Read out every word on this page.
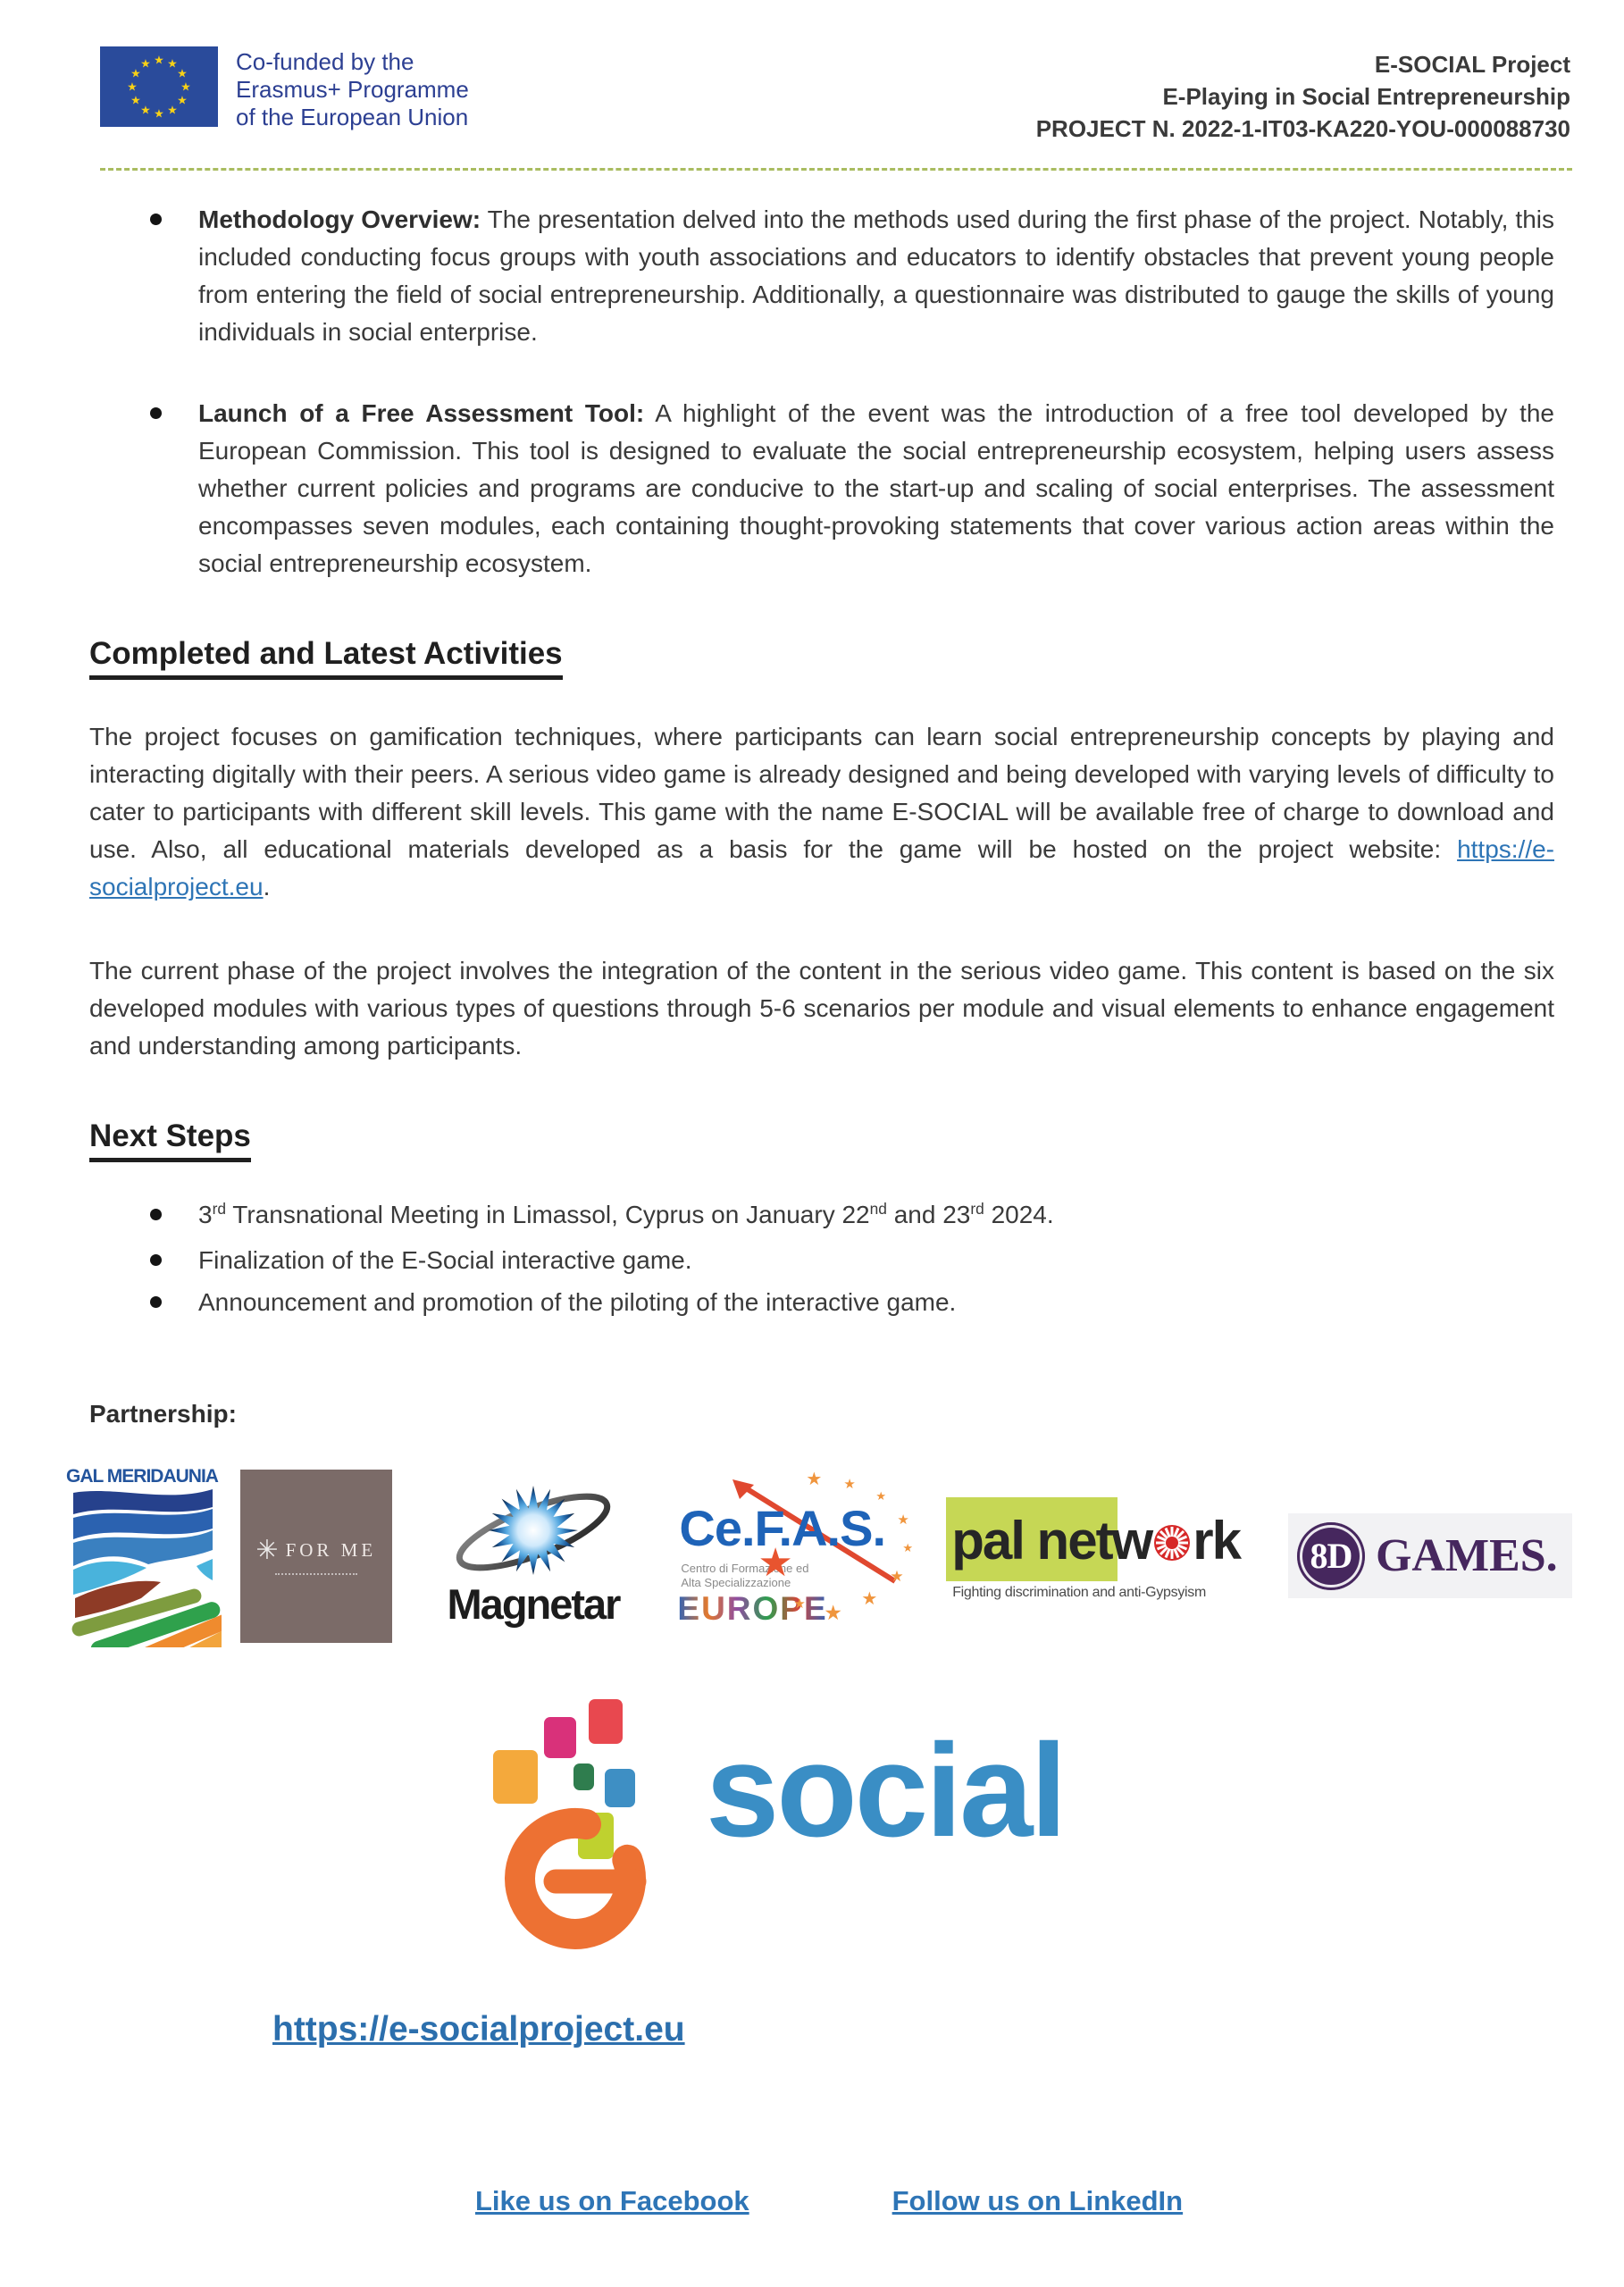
★ ★
★
★
★
★
★
★
★
★
★
★	Co-funded by the
Erasmus+ Programme
of the European Union
E-SOCIAL Project
E-Playing in Social Entrepreneurship
PROJECT N. 2022-1-IT03-KA220-YOU-000088730
Methodology Overview: The presentation delved into the methods used during the first phase of the project. Notably, this included conducting focus groups with youth associations and educators to identify obstacles that prevent young people from entering the field of social entrepreneurship. Additionally, a questionnaire was distributed to gauge the skills of young individuals in social enterprise.
Launch of a Free Assessment Tool: A highlight of the event was the introduction of a free tool developed by the European Commission. This tool is designed to evaluate the social entrepreneurship ecosystem, helping users assess whether current policies and programs are conducive to the start-up and scaling of social enterprises. The assessment encompasses seven modules, each containing thought-provoking statements that cover various action areas within the social entrepreneurship ecosystem.
Completed and Latest Activities

The project focuses on gamification techniques, where participants can learn social entrepreneurship concepts by playing and interacting digitally with their peers. A serious video game is already designed and being developed with varying levels of difficulty to cater to participants with different skill levels. This game with the name E-SOCIAL will be available free of charge to download and use. Also, all educational materials developed as a basis for the game will be hosted on the project website: https://e-socialproject.eu.

The current phase of the project involves the integration of the content in the serious video game. This content is based on the six developed modules with various types of questions through 5-6 scenarios per module and visual elements to enhance engagement and understanding among participants.

Next Steps
3rd Transnational Meeting in Limassol, Cyprus on January 22nd and 23rd 2024.
Finalization of the E-Social interactive game.
Announcement and promotion of the piloting of the interactive game.

Partnership:

GAL MERIDAUNIA
✳
FOR ME
Magnetar
Ce.F.A.S.
Centro di Formazione ed
Alta Specializzazione
EUROPE
★
★
★
★
★
★
★
★
★
★
pal netw rk
Fighting discrimination and anti-Gypsyism
8D GAMES.
social
https://e-socialproject.eu
Like us on Facebook	Follow us on LinkedIn
